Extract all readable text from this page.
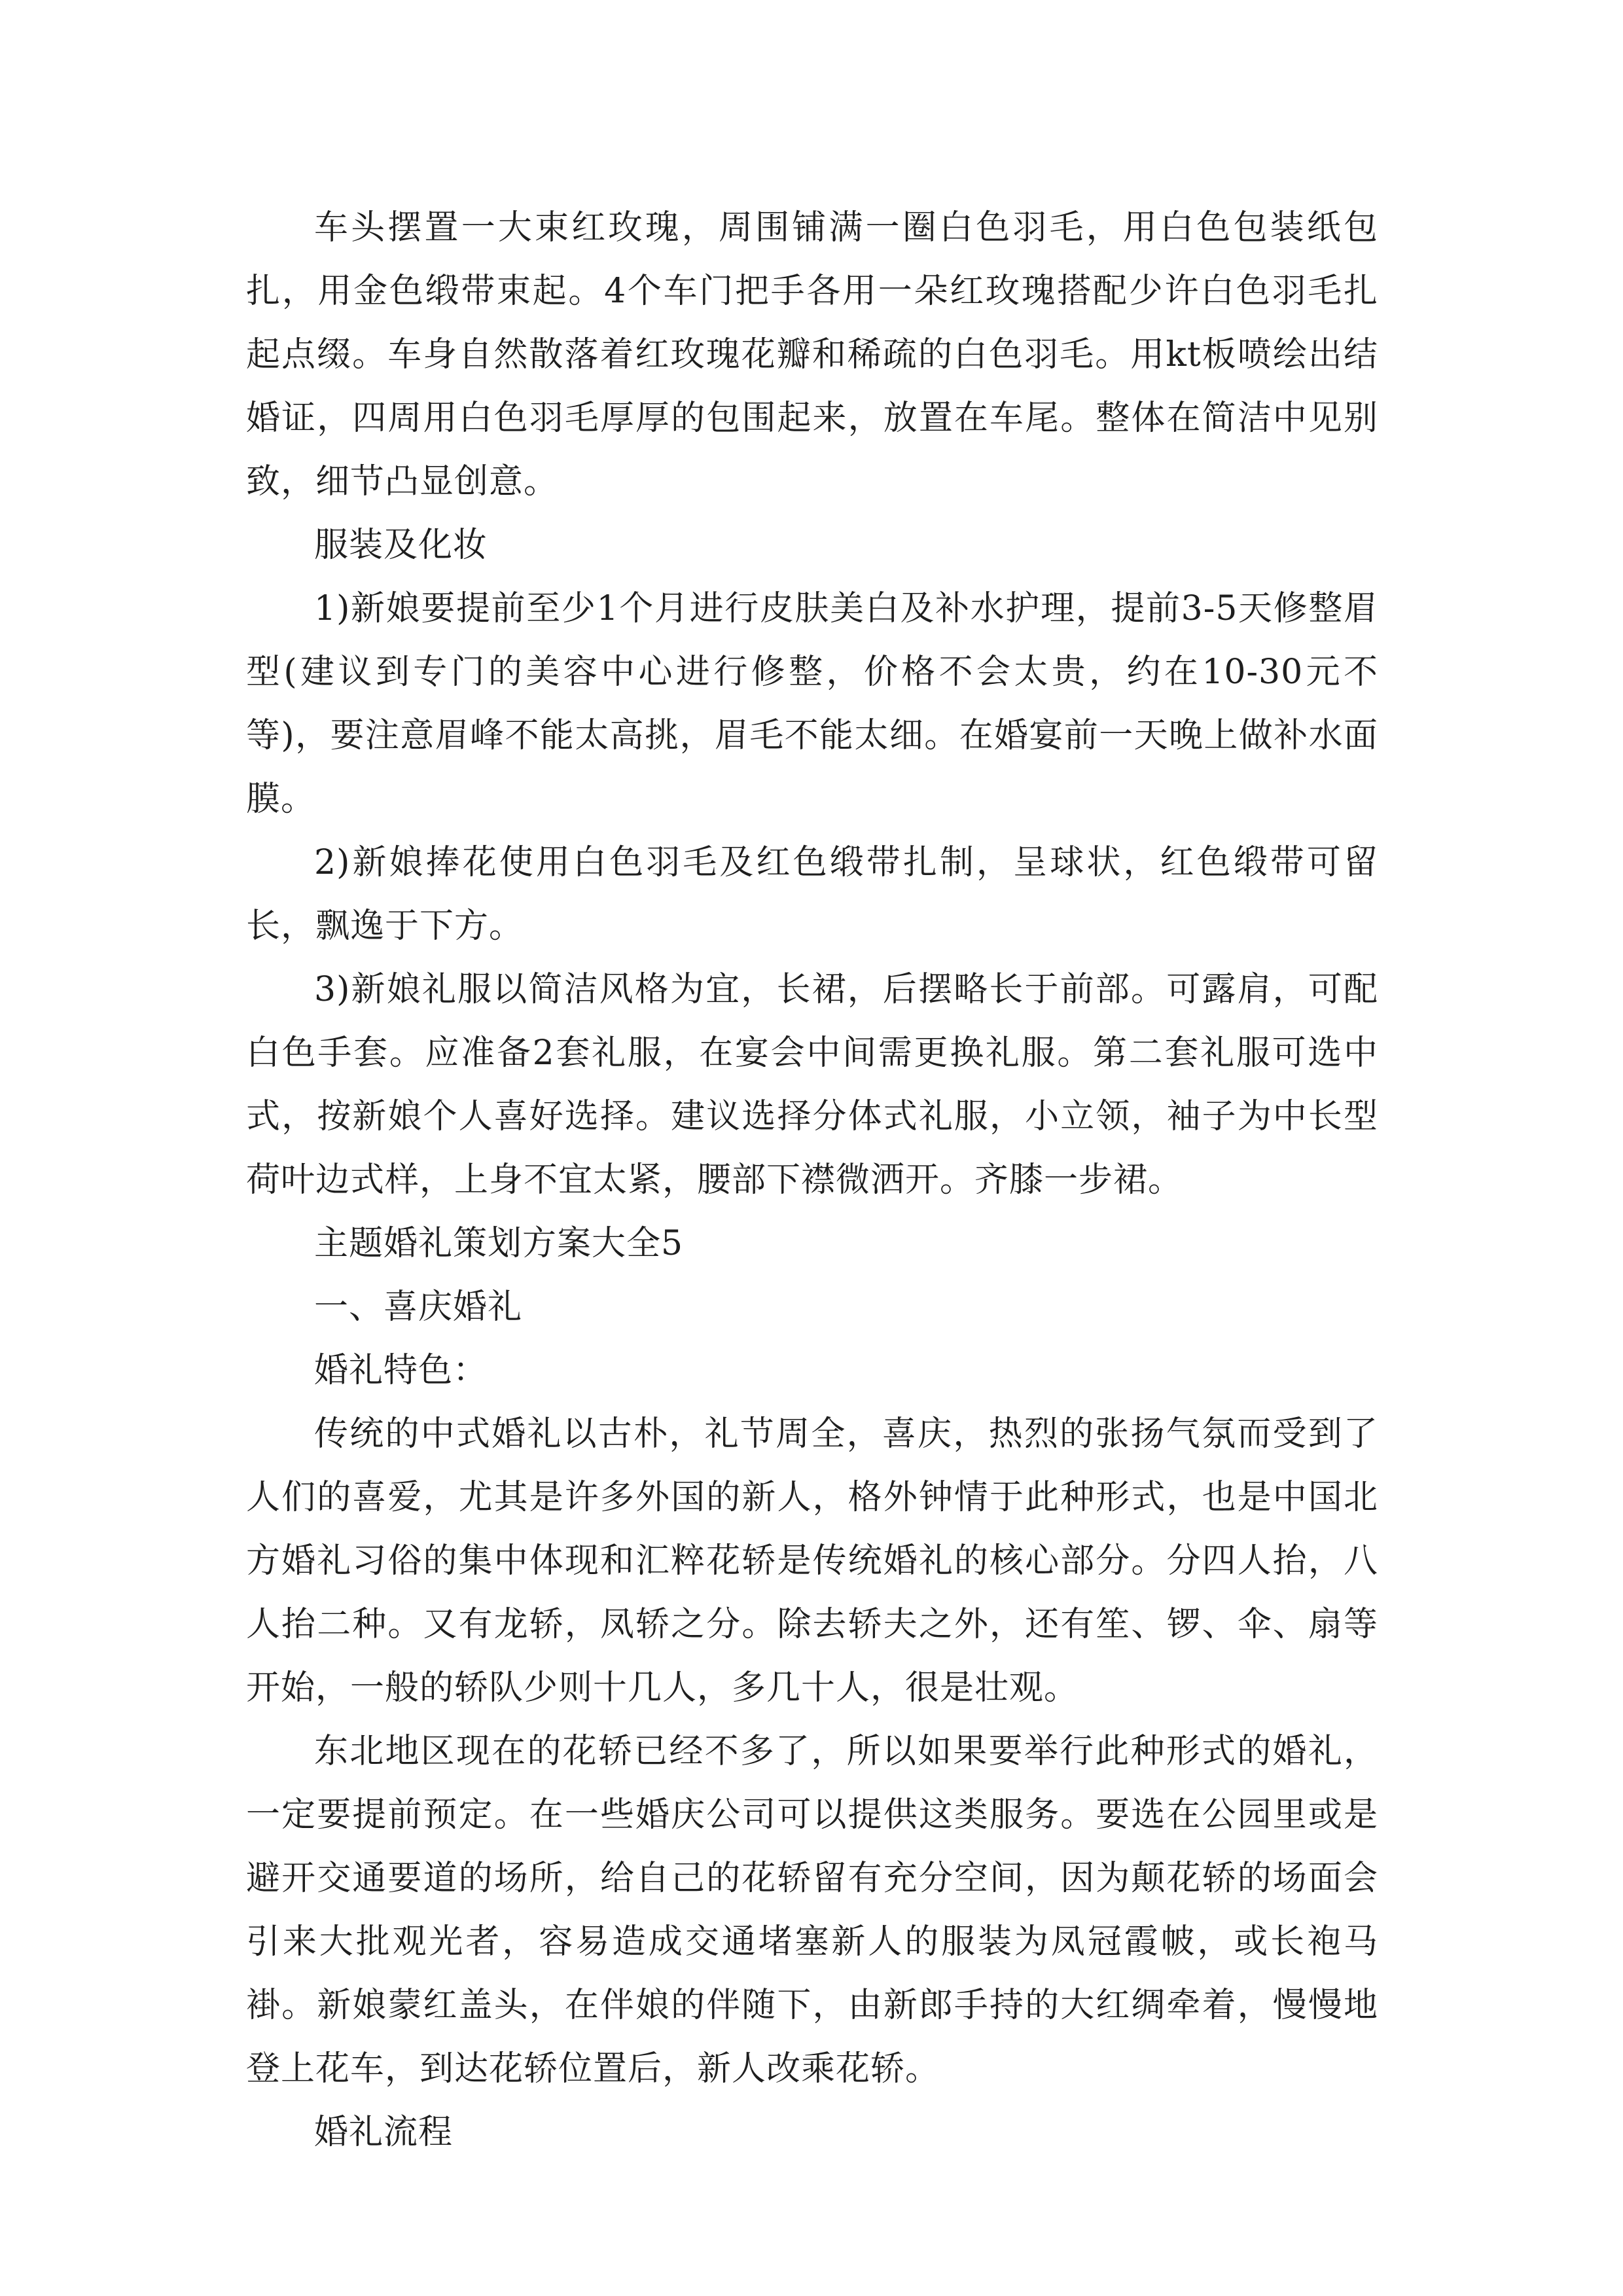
车头摆置一大束红玫瑰，周围铺满一圈白色羽毛，用白色包装纸包扎，用金色缎带束起。4个车门把手各用一朵红玫瑰搭配少许白色羽毛扎起点缀。车身自然散落着红玫瑰花瓣和稀疏的白色羽毛。用kt板喷绘出结婚证，四周用白色羽毛厚厚的包围起来，放置在车尾。整体在简洁中见别致，细节凸显创意。

服装及化妆

1)新娘要提前至少1个月进行皮肤美白及补水护理，提前3-5天修整眉型(建议到专门的美容中心进行修整，价格不会太贵，约在10-30元不等)，要注意眉峰不能太高挑，眉毛不能太细。在婚宴前一天晚上做补水面膜。

2)新娘捧花使用白色羽毛及红色缎带扎制，呈球状，红色缎带可留长，飘逸于下方。

3)新娘礼服以简洁风格为宜，长裙，后摆略长于前部。可露肩，可配白色手套。应准备2套礼服，在宴会中间需更换礼服。第二套礼服可选中式，按新娘个人喜好选择。建议选择分体式礼服，小立领，袖子为中长型荷叶边式样，上身不宜太紧，腰部下襟微洒开。齐膝一步裙。

主题婚礼策划方案大全5

一、喜庆婚礼

婚礼特色：

传统的中式婚礼以古朴，礼节周全，喜庆，热烈的张扬气氛而受到了人们的喜爱，尤其是许多外国的新人，格外钟情于此种形式，也是中国北方婚礼习俗的集中体现和汇粹花轿是传统婚礼的核心部分。分四人抬，八人抬二种。又有龙轿，凤轿之分。除去轿夫之外，还有笙、锣、伞、扇等开始，一般的轿队少则十几人，多几十人，很是壮观。

东北地区现在的花轿已经不多了，所以如果要举行此种形式的婚礼，一定要提前预定。在一些婚庆公司可以提供这类服务。要选在公园里或是避开交通要道的场所，给自己的花轿留有充分空间，因为颠花轿的场面会引来大批观光者，容易造成交通堵塞新人的服装为凤冠霞帔，或长袍马褂。新娘蒙红盖头，在伴娘的伴随下，由新郎手持的大红绸牵着，慢慢地登上花车，到达花轿位置后，新人改乘花轿。

婚礼流程
